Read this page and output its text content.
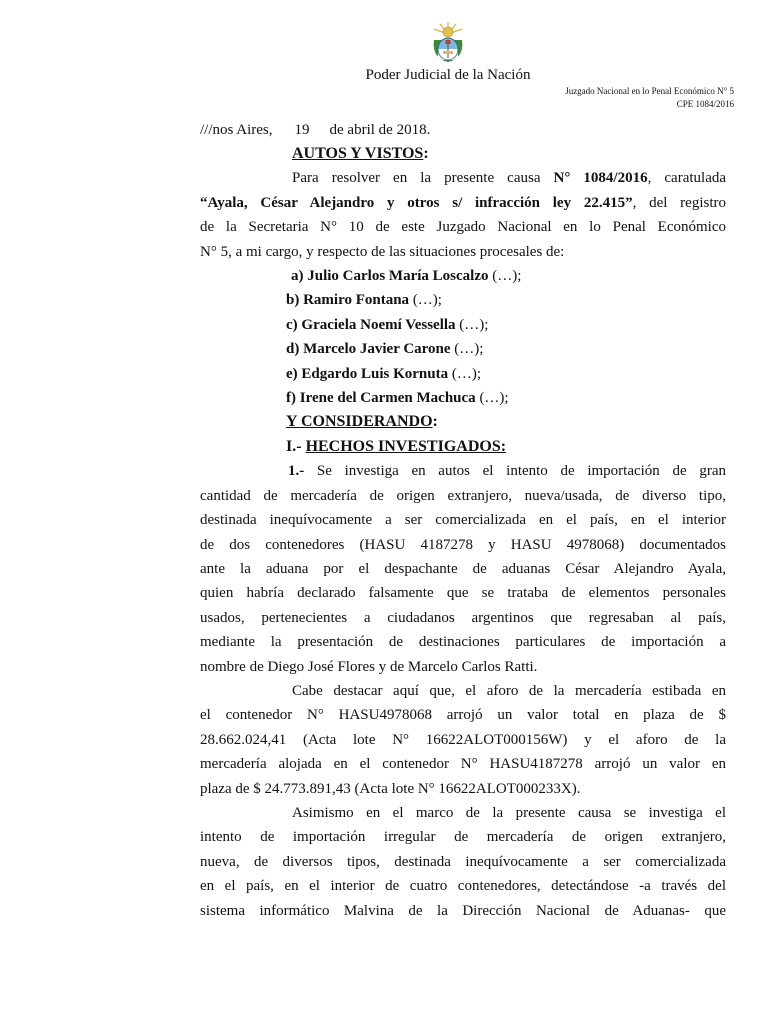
Poder Judicial de la Nación
Juzgado Nacional en lo Penal Económico N° 5
CPE 1084/2016

///nos Aires, 19 de abril de 2018.

AUTOS Y VISTOS:

Para resolver en la presente causa N° 1084/2016, caratulada

“Ayala, César Alejandro y otros s/ infracción ley 22.415”, del registro

de la Secretaria N° 10 de este Juzgado Nacional en lo Penal Económico

N° 5, a mi cargo, y respecto de las situaciones procesales de:

a) Julio Carlos María Loscalzo (…);

b) Ramiro Fontana (…);

c) Graciela Noemí Vessella (…);

d) Marcelo Javier Carone (…);

e) Edgardo Luis Kornuta (…);

f) Irene del Carmen Machuca (…);

Y CONSIDERANDO:

I.- HECHOS INVESTIGADOS:

1.- Se investiga en autos el intento de importación de gran

cantidad de mercadería de origen extranjero, nueva/usada, de diverso tipo,

destinada inequívocamente a ser comercializada en el país, en el interior

de dos contenedores (HASU 4187278 y HASU 4978068) documentados

ante la aduana por el despachante de aduanas César Alejandro Ayala,

quien habría declarado falsamente que se trataba de elementos personales

usados, pertenecientes a ciudadanos argentinos que regresaban al país,

mediante la presentación de destinaciones particulares de importación a

nombre de Diego José Flores y de Marcelo Carlos Ratti.

Cabe destacar aquí que, el aforo de la mercadería estibada en

el contenedor N° HASU4978068 arrojó un valor total en plaza de $

28.662.024,41 (Acta lote N° 16622ALOT000156W) y el aforo de la

mercadería alojada en el contenedor N° HASU4187278 arrojó un valor en

plaza de $ 24.773.891,43 (Acta lote N° 16622ALOT000233X).

Asimismo en el marco de la presente causa se investiga el

intento de importación irregular de mercadería de origen extranjero,

nueva, de diversos tipos, destinada inequívocamente a ser comercializada

en el país, en el interior de cuatro contenedores, detectándose -a través del

sistema informático Malvina de la Dirección Nacional de Aduanas- que
